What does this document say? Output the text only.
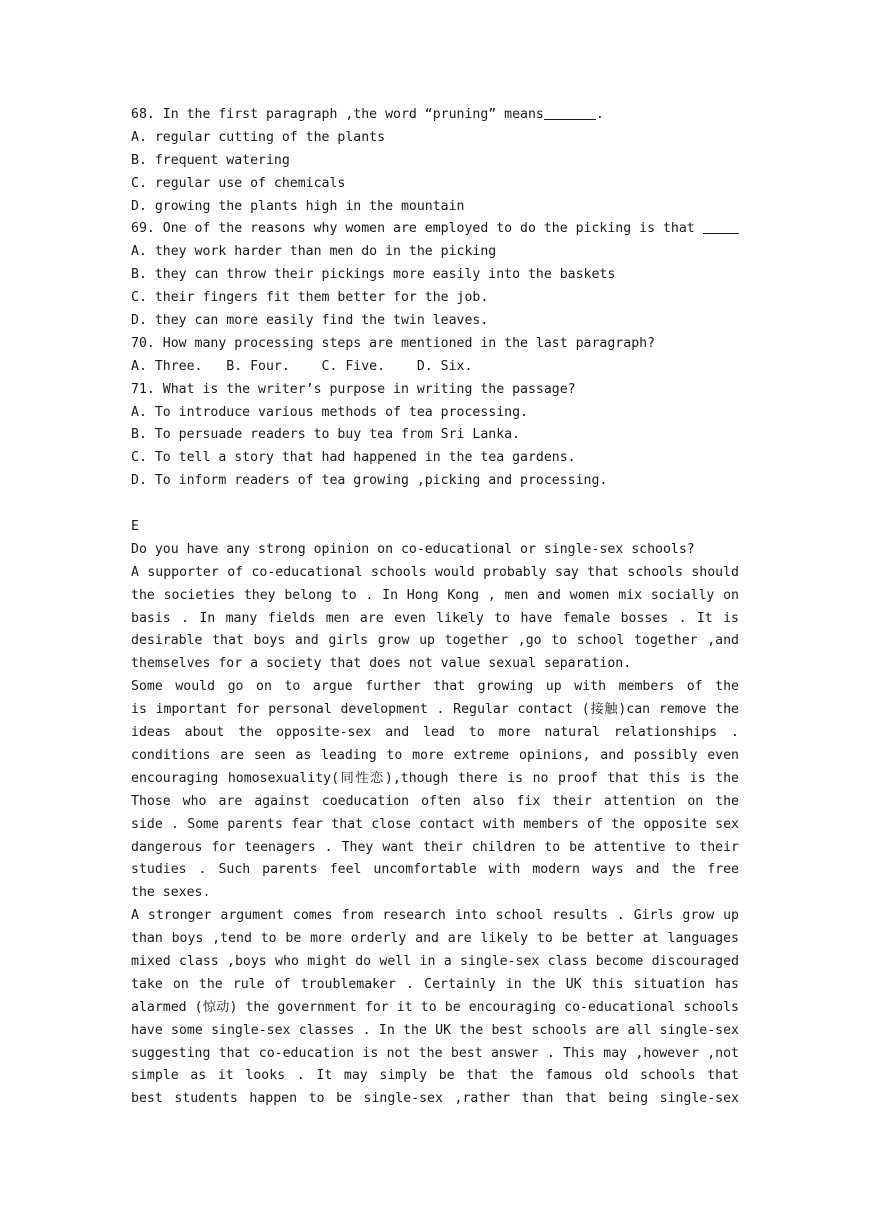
68. In the first paragraph ,the word “pruning” means	.
A. regular cutting of the plants
B. frequent watering
C. regular use of chemicals
D. growing the plants high in the mountain
69. One of the reasons why women are employed to do the picking is that
A. they work harder than men do in the picking
B. they can throw their pickings more easily into the baskets
C. their fingers fit them better for the job.
D. they can more easily find the twin leaves.
70. How many processing steps are mentioned in the last paragraph?
A. Three.   B. Four.    C. Five.    D. Six.
71. What is the writer’s purpose in writing the passage?
A. To introduce various methods of tea processing.
B. To persuade readers to buy tea from Sri Lanka.
C. To tell a story that had happened in the tea gardens.
D. To inform readers of tea growing ,picking and processing.
E
Do you have any strong opinion on co-educational or single-sex schools?
A supporter of co-educational schools would probably say that schools should
the societies they belong to . In Hong Kong , men and women mix socially on
basis . In many fields men are even likely to have female bosses . It is
desirable that boys and girls grow up together ,go to school together ,and
themselves for a society that does not value sexual separation.
Some would go on to argue further that growing up with members of the
is important for personal development . Regular contact (接触)can remove the
ideas about the opposite-sex and lead to more natural relationships .
conditions are seen as leading to more extreme opinions, and possibly even
encouraging homosexuality(同性恋),though there is no proof that this is the
Those who are against coeducation often also fix their attention on the
side . Some parents fear that close contact with members of the opposite sex
dangerous for teenagers . They want their children to be attentive to their
studies . Such parents feel uncomfortable with modern ways and the free
the sexes.
A stronger argument comes from research into school results . Girls grow up
than boys ,tend to be more orderly and are likely to be better at languages
mixed class ,boys who might do well in a single-sex class become discouraged
take on the rule of troublemaker . Certainly in the UK this situation has
alarmed (惊动) the government for it to be encouraging co-educational schools
have some single-sex classes . In the UK the best schools are all single-sex
suggesting that co-education is not the best answer . This may ,however ,not
simple as it looks . It may simply be that the famous old schools that
best students happen to be single-sex ,rather than that being single-sex
